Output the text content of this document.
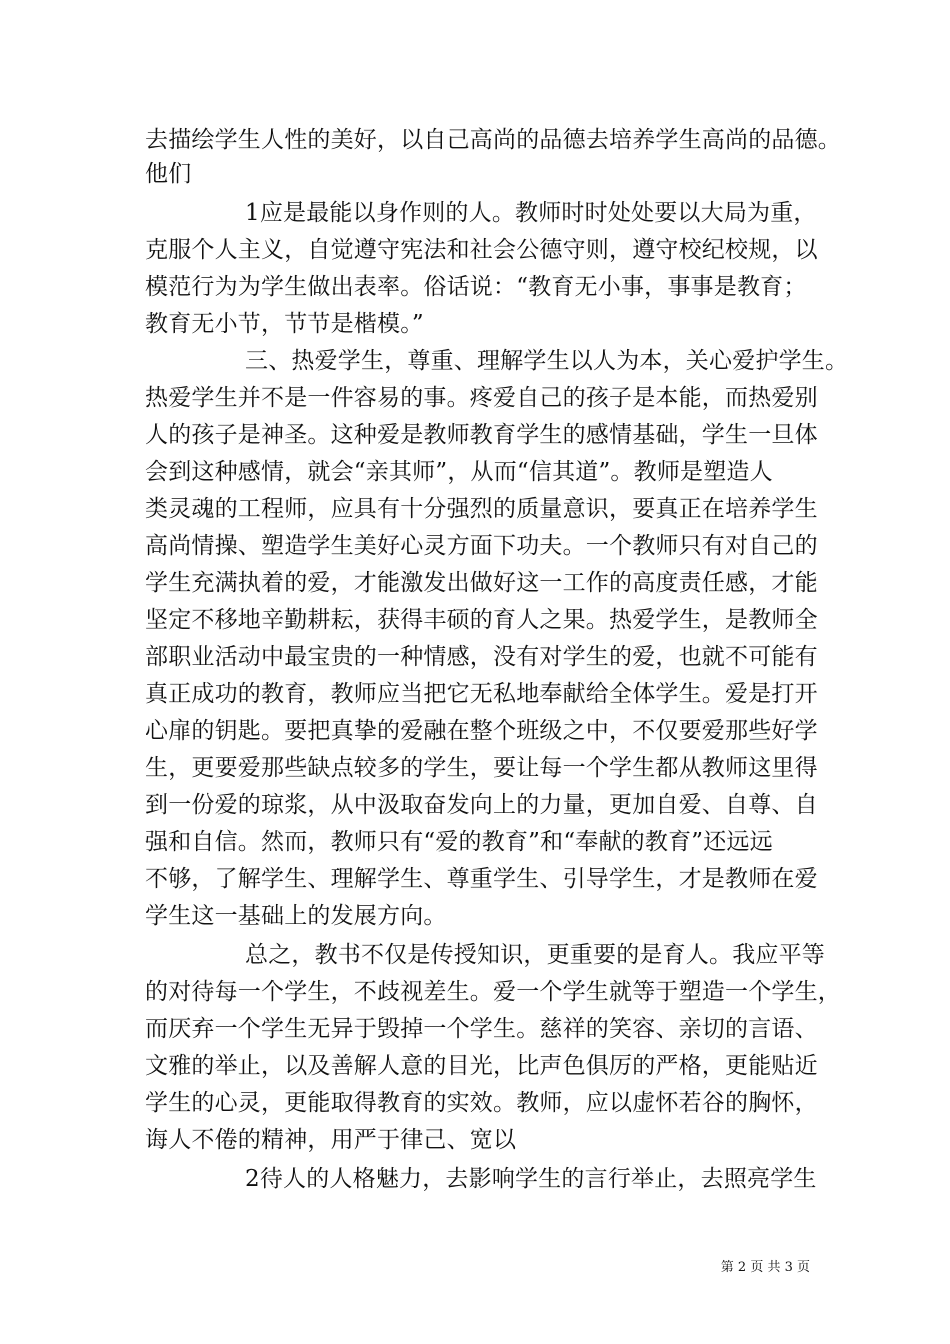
去描绘学生人性的美好，以自己高尚的品德去培养学生高尚的品德。
他们
1应是最能以身作则的人。教师时时处处要以大局为重，
克服个人主义，自觉遵守宪法和社会公德守则，遵守校纪校规，以
模范行为为学生做出表率。俗话说：“教育无小事，事事是教育；
教育无小节，节节是楷模。”
三、热爱学生，尊重、理解学生以人为本，关心爱护学生。
热爱学生并不是一件容易的事。疼爱自己的孩子是本能，而热爱别
人的孩子是神圣。这种爱是教师教育学生的感情基础，学生一旦体
会到这种感情，就会“亲其师”，从而“信其道”。教师是塑造人
类灵魂的工程师，应具有十分强烈的质量意识，要真正在培养学生
高尚情操、塑造学生美好心灵方面下功夫。一个教师只有对自己的
学生充满执着的爱，才能激发出做好这一工作的高度责任感，才能
坚定不移地辛勤耕耘，获得丰硕的育人之果。热爱学生，是教师全
部职业活动中最宝贵的一种情感，没有对学生的爱，也就不可能有
真正成功的教育，教师应当把它无私地奉献给全体学生。爱是打开
心扉的钥匙。要把真挚的爱融在整个班级之中，不仅要爱那些好学
生，更要爱那些缺点较多的学生，要让每一个学生都从教师这里得
到一份爱的琼浆，从中汲取奋发向上的力量，更加自爱、自尊、自
强和自信。然而，教师只有“爱的教育”和“奉献的教育”还远远
不够，了解学生、理解学生、尊重学生、引导学生，才是教师在爱
学生这一基础上的发展方向。
总之，教书不仅是传授知识，更重要的是育人。我应平等
的对待每一个学生，不歧视差生。爱一个学生就等于塑造一个学生，
而厌弃一个学生无异于毁掉一个学生。慈祥的笑容、亲切的言语、
文雅的举止，以及善解人意的目光，比声色俱厉的严格，更能贴近
学生的心灵，更能取得教育的实效。教师，应以虚怀若谷的胸怀，
诲人不倦的精神，用严于律己、宽以
2待人的人格魅力，去影响学生的言行举止，去照亮学生
第 2 页 共 3 页
